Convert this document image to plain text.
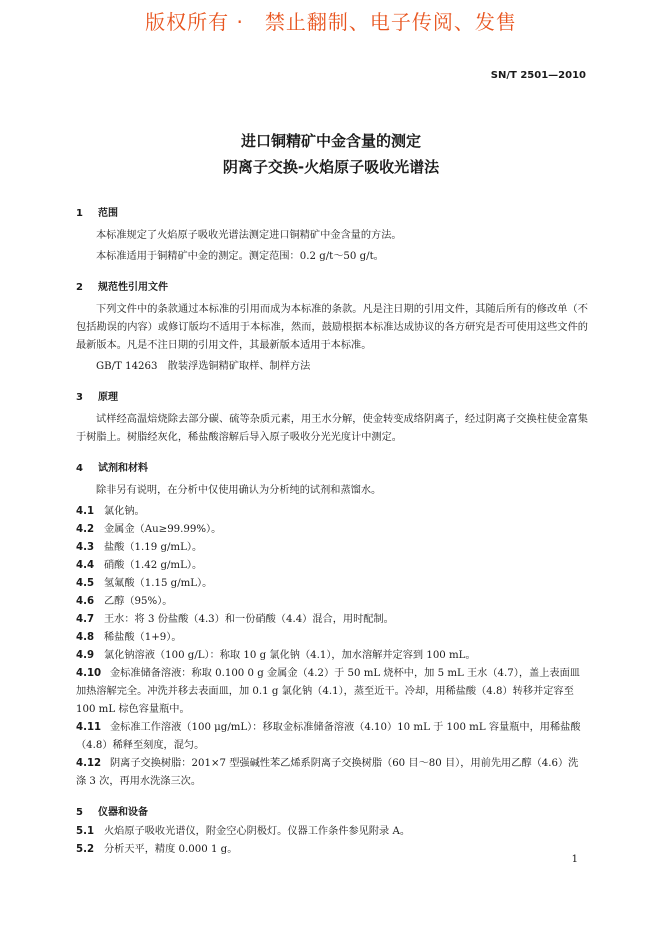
版权所有 ·　禁止翻制、电子传阅、发售
SN/T 2501—2010
进口铜精矿中金含量的测定
阴离子交换-火焰原子吸收光谱法
1 范围

本标准规定了火焰原子吸收光谱法测定进口铜精矿中金含量的方法。

本标准适用于铜精矿中金的测定。测定范围：0.2 g/t～50 g/t。

2 规范性引用文件

下列文件中的条款通过本标准的引用而成为本标准的条款。凡是注日期的引用文件，其随后所有的修改单（不包括勘误的内容）或修订版均不适用于本标准，然而，鼓励根据本标准达成协议的各方研究是否可使用这些文件的最新版本。凡是不注日期的引用文件，其最新版本适用于本标准。

GB/T 14263　散装浮选铜精矿取样、制样方法

3 原理

试样经高温焙烧除去部分碳、硫等杂质元素，用王水分解，使金转变成络阴离子，经过阴离子交换柱使金富集于树脂上。树脂经灰化，稀盐酸溶解后导入原子吸收分光光度计中测定。

4 试剂和材料

除非另有说明，在分析中仅使用确认为分析纯的试剂和蒸馏水。

4.1 氯化钠。

4.2 金属金（Au≥99.99%）。

4.3 盐酸（1.19 g/mL）。

4.4 硝酸（1.42 g/mL）。

4.5 氢氟酸（1.15 g/mL）。

4.6 乙醇（95%）。

4.7 王水：将 3 份盐酸（4.3）和一份硝酸（4.4）混合，用时配制。

4.8 稀盐酸（1+9）。

4.9 氯化钠溶液（100 g/L）：称取 10 g 氯化钠（4.1），加水溶解并定容到 100 mL。

4.10 金标准储备溶液：称取 0.100 0 g 金属金（4.2）于 50 mL 烧杯中，加 5 mL 王水（4.7），盖上表面皿加热溶解完全。冲洗并移去表面皿，加 0.1 g 氯化钠（4.1），蒸至近干。冷却，用稀盐酸（4.8）转移并定容至 100 mL 棕色容量瓶中。

4.11 金标准工作溶液（100 μg/mL）：移取金标准储备溶液（4.10）10 mL 于 100 mL 容量瓶中，用稀盐酸（4.8）稀释至刻度，混匀。

4.12 阴离子交换树脂：201×7 型强碱性苯乙烯系阴离子交换树脂（60 目～80 目），用前先用乙醇（4.6）洗涤 3 次，再用水洗涤三次。

5 仪器和设备

5.1 火焰原子吸收光谱仪，附金空心阴极灯。仪器工作条件参见附录 A。

5.2 分析天平，精度 0.000 1 g。

1
